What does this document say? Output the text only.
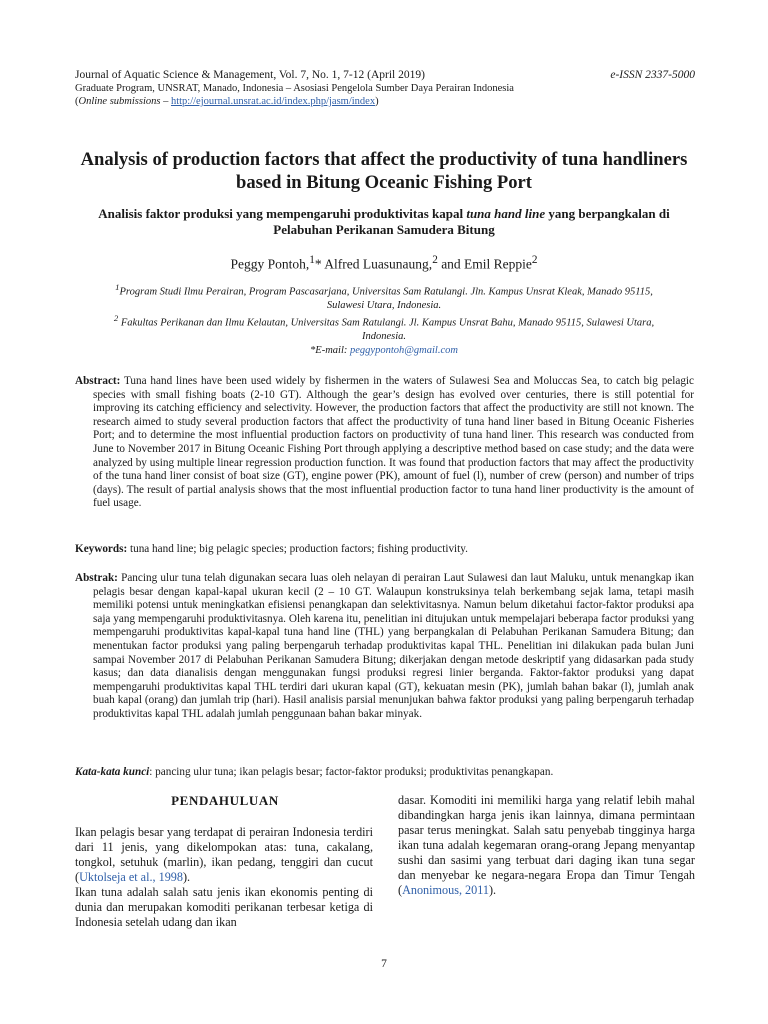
Journal of Aquatic Science & Management, Vol. 7, No. 1, 7-12 (April 2019)	e-ISSN 2337-5000
Graduate Program, UNSRAT, Manado, Indonesia – Asosiasi Pengelola Sumber Daya Perairan Indonesia
(Online submissions – http://ejournal.unsrat.ac.id/index.php/jasm/index)
Analysis of production factors that affect the productivity of tuna handliners based in Bitung Oceanic Fishing Port
Analisis faktor produksi yang mempengaruhi produktivitas kapal tuna hand line yang berpangkalan di Pelabuhan Perikanan Samudera Bitung
Peggy Pontoh,$^1$* Alfred Luasunaung,$^2$ and Emil Reppie$^2$

$^1$Program Studi Ilmu Perairan, Program Pascasarjana, Universitas Sam Ratulangi. Jln. Kampus Unsrat Kleak, Manado 95115, Sulawesi Utara, Indonesia.

$^2$ Fakultas Perikanan dan Ilmu Kelautan, Universitas Sam Ratulangi. Jl. Kampus Unsrat Bahu, Manado 95115, Sulawesi Utara, Indonesia.

*E-mail: peggypontoh@gmail.com

Abstract: Tuna hand lines have been used widely by fishermen in the waters of Sulawesi Sea and Moluccas Sea, to catch big pelagic species with small fishing boats (2-10 GT). Although the gear’s design has evolved over centuries, there is still potential for improving its catching efficiency and selectivity. However, the production factors that affect the productivity are still not known. The research aimed to study several production factors that affect the productivity of tuna hand liner based in Bitung Oceanic Fisheries Port; and to determine the most influential production factors on productivity of tuna hand liner. This research was conducted from June to November 2017 in Bitung Oceanic Fishing Port through applying a descriptive method based on case study; and the data were analyzed by using multiple linear regression production function. It was found that production factors that may affect the productivity of the tuna hand liner consist of boat size (GT), engine power (PK), amount of fuel (l), number of crew (person) and number of trips (days). The result of partial analysis shows that the most influential production factor to tuna hand liner productivity is the amount of fuel usage.
Keywords: tuna hand line; big pelagic species; production factors; fishing productivity.
Abstrak: Pancing ulur tuna telah digunakan secara luas oleh nelayan di perairan Laut Sulawesi dan laut Maluku, untuk menangkap ikan pelagis besar dengan kapal-kapal ukuran kecil (2 – 10 GT. Walaupun konstruksinya telah berkembang sejak lama, tetapi masih memiliki potensi untuk meningkatkan efisiensi penangkapan dan selektivitasnya. Namun belum diketahui factor-faktor produksi apa saja yang mempengaruhi produktivitasnya. Oleh karena itu, penelitian ini ditujukan untuk mempelajari beberapa factor produksi yang mempengaruhi produktivitas kapal-kapal tuna hand line (THL) yang berpangkalan di Pelabuhan Perikanan Samudera Bitung; dan menentukan factor produksi yang paling berpengaruh terhadap produktivitas kapal THL. Penelitian ini dilakukan pada bulan Juni sampai November 2017 di Pelabuhan Perikanan Samudera Bitung; dikerjakan dengan metode deskriptif yang didasarkan pada study kasus; dan data dianalisis dengan menggunakan fungsi produksi regresi linier berganda. Faktor-faktor produksi yang dapat mempengaruhi produktivitas kapal THL terdiri dari ukuran kapal (GT), kekuatan mesin (PK), jumlah bahan bakar (l), jumlah anak buah kapal (orang) dan jumlah trip (hari). Hasil analisis parsial menunjukan bahwa faktor produksi yang paling berpengaruh terhadap produktivitas kapal THL adalah jumlah penggunaan bahan bakar minyak.
Kata-kata kunci: pancing ulur tuna; ikan pelagis besar; factor-faktor produksi; produktivitas penangkapan.
PENDAHULUAN

Ikan pelagis besar yang terdapat di perairan Indonesia terdiri dari 11 jenis, yang dikelompokan atas: tuna, cakalang, tongkol, setuhuk (marlin), ikan pedang, tenggiri dan cucut (Uktolseja et al., 1998).

Ikan tuna adalah salah satu jenis ikan ekonomis penting di dunia dan merupakan komoditi perikanan terbesar ketiga di Indonesia setelah udang dan ikan

dasar. Komoditi ini memiliki harga yang relatif lebih mahal dibandingkan harga jenis ikan lainnya, dimana permintaan pasar terus meningkat. Salah satu penyebab tingginya harga ikan tuna adalah kegemaran orang-orang Jepang menyantap sushi dan sasimi yang terbuat dari daging ikan tuna segar dan menyebar ke negara-negara Eropa dan Timur Tengah (Anonimous, 2011).

7
